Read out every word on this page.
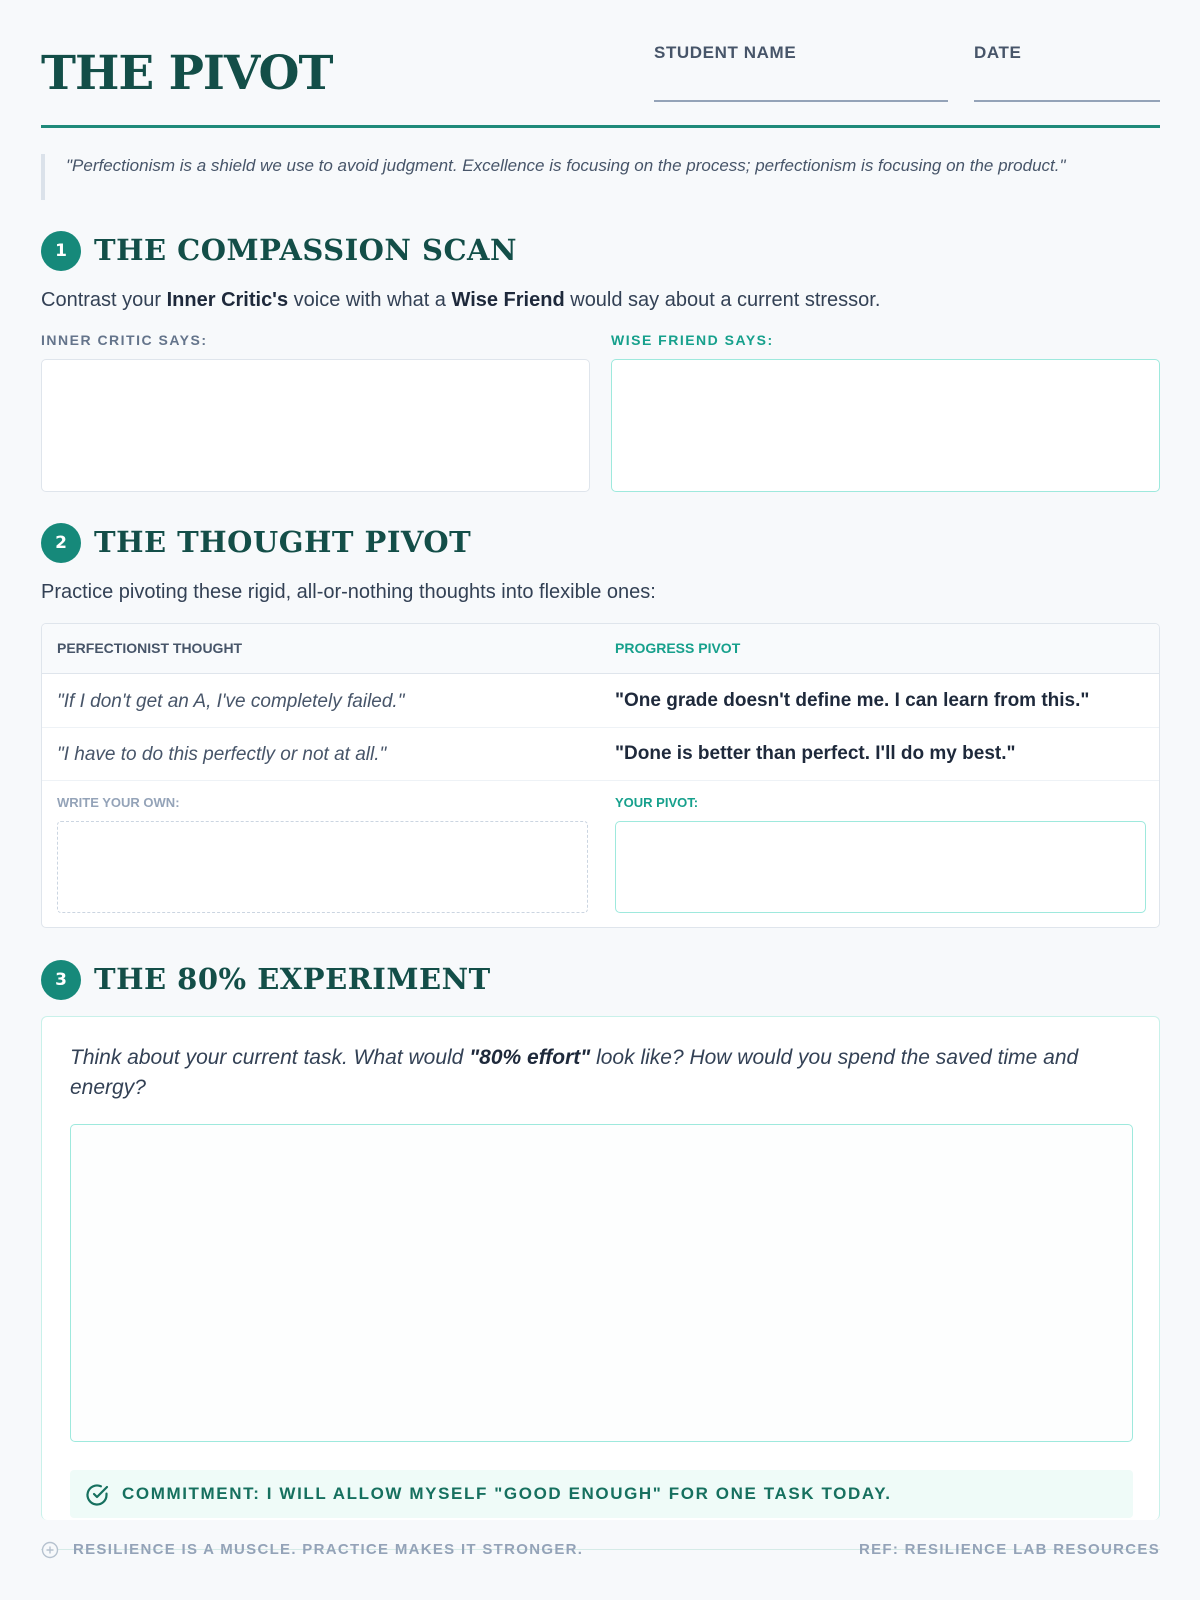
THE PIVOT	STUDENT NAME	DATE
"Perfectionism is a shield we use to avoid judgment. Excellence is focusing on the process; perfectionism is focusing on the product."
1 THE COMPASSION SCAN
Contrast your Inner Critic's voice with what a Wise Friend would say about a current stressor.
INNER CRITIC SAYS:	WISE FRIEND SAYS:
2 THE THOUGHT PIVOT
Practice pivoting these rigid, all-or-nothing thoughts into flexible ones:
PERFECTIONIST THOUGHT	PROGRESS PIVOT
"If I don't get an A, I've completely failed."	"One grade doesn't define me. I can learn from this."
"I have to do this perfectly or not at all."	"Done is better than perfect. I'll do my best."
WRITE YOUR OWN:	YOUR PIVOT:
3 THE 80% EXPERIMENT
Think about your current task. What would "80% effort" look like? How would you spend the saved time and energy?
COMMITMENT: I WILL ALLOW MYSELF "GOOD ENOUGH" FOR ONE TASK TODAY.
RESILIENCE IS A MUSCLE. PRACTICE MAKES IT STRONGER.	REF: RESILIENCE LAB RESOURCES
